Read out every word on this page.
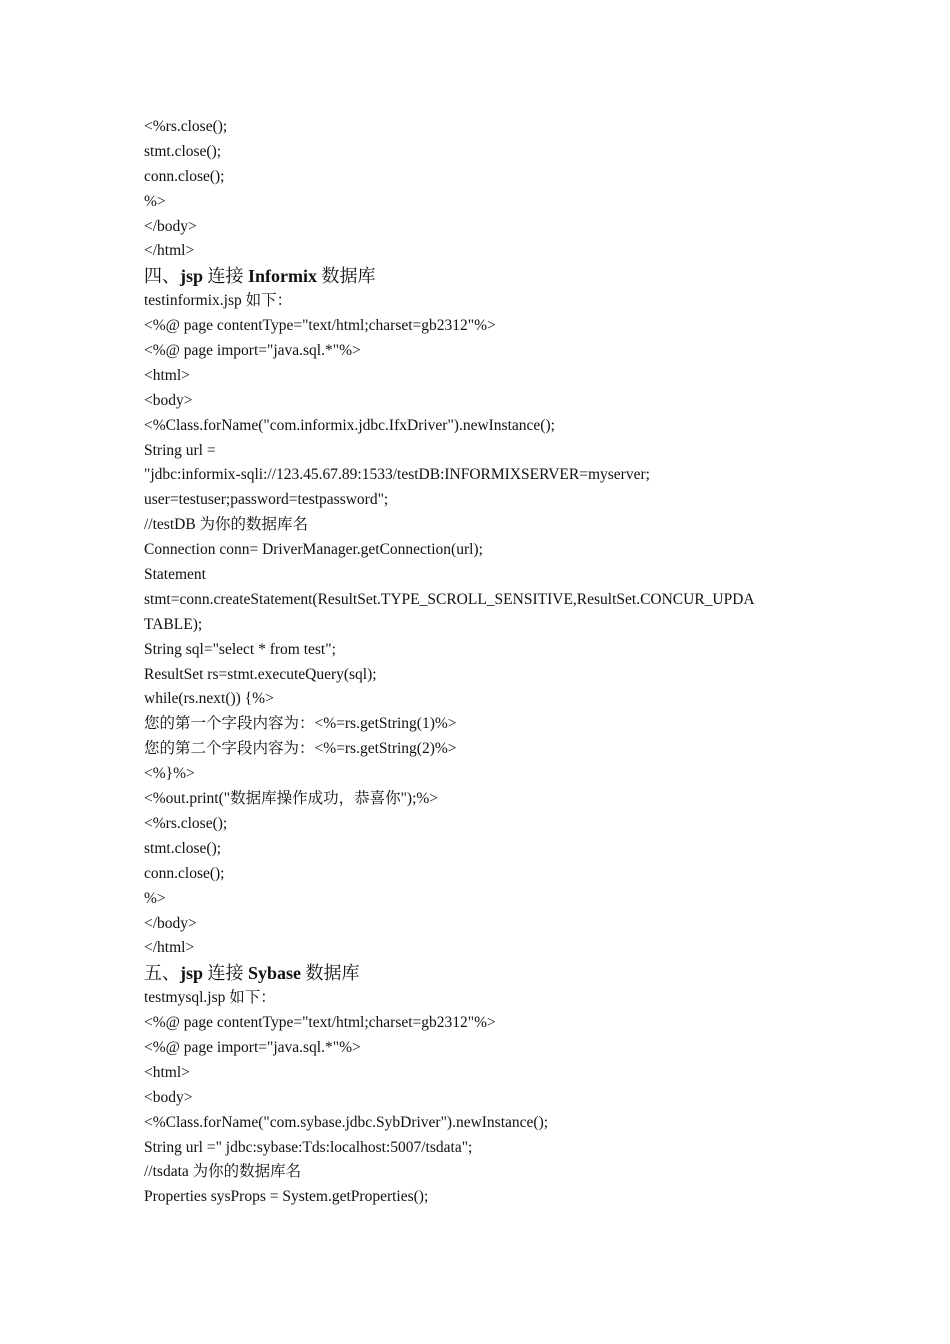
<%rs.close();
stmt.close();
conn.close();
%>
</body>
</html>
四、jsp 连接 Informix 数据库
testinformix.jsp 如下：
<%@ page contentType="text/html;charset=gb2312"%>
<%@ page import="java.sql.*"%>
<html>
<body>
<%Class.forName("com.informix.jdbc.IfxDriver").newInstance();
String url =
"jdbc:informix-sqli://123.45.67.89:1533/testDB:INFORMIXSERVER=myserver;
user=testuser;password=testpassword";
//testDB 为你的数据库名
Connection conn= DriverManager.getConnection(url);
Statement
stmt=conn.createStatement(ResultSet.TYPE_SCROLL_SENSITIVE,ResultSet.CONCUR_UPDA
TABLE);
String sql="select * from test";
ResultSet rs=stmt.executeQuery(sql);
while(rs.next()) {%>
您的第一个字段内容为：<%=rs.getString(1)%>
您的第二个字段内容为：<%=rs.getString(2)%>
<%}%>
<%out.print("数据库操作成功，恭喜你");%>
<%rs.close();
stmt.close();
conn.close();
%>
</body>
</html>
五、jsp 连接 Sybase 数据库
testmysql.jsp 如下：
<%@ page contentType="text/html;charset=gb2312"%>
<%@ page import="java.sql.*"%>
<html>
<body>
<%Class.forName("com.sybase.jdbc.SybDriver").newInstance();
String url =" jdbc:sybase:Tds:localhost:5007/tsdata";
//tsdata 为你的数据库名
Properties sysProps = System.getProperties();
